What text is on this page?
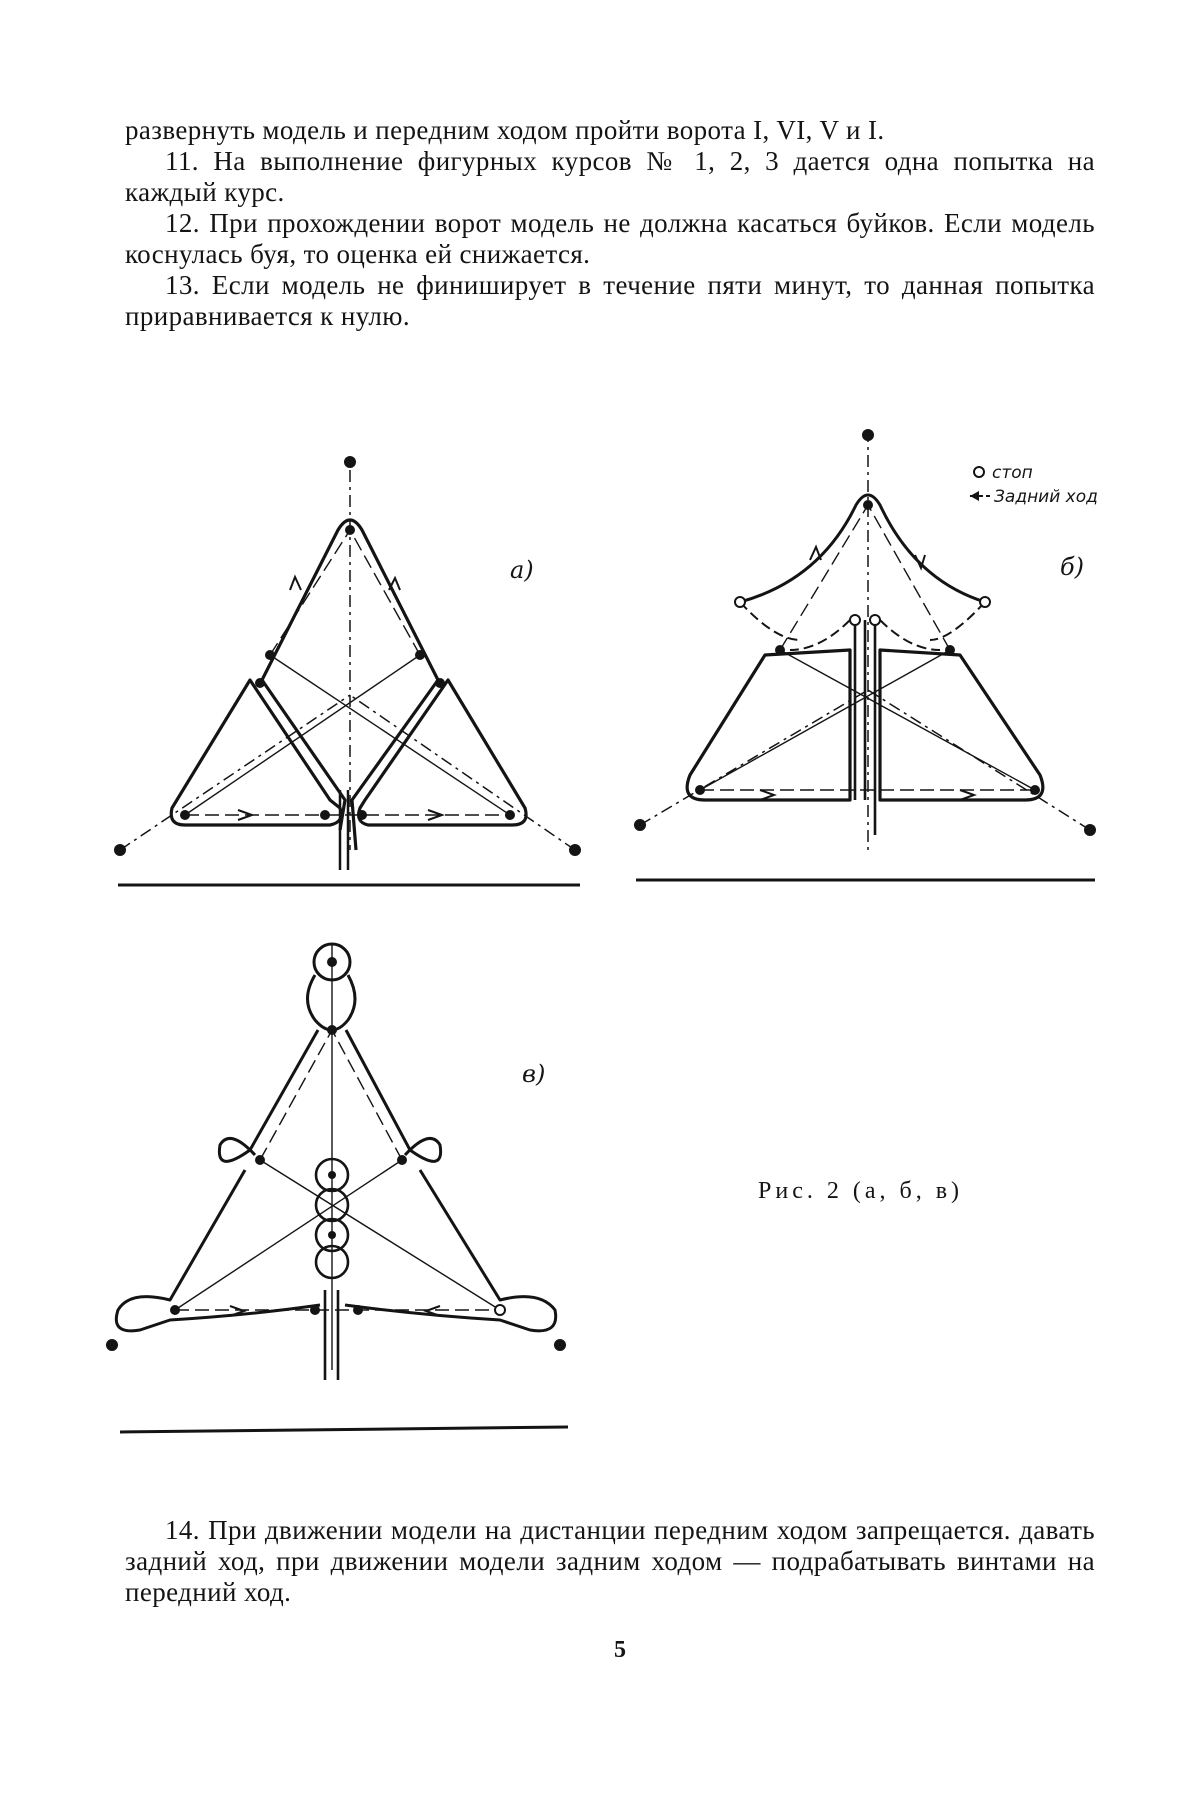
развернуть модель и передним ходом пройти ворота I, VI, V и I.

11. На выполнение фигурных курсов № 1, 2, 3 дается одна попытка на каждый курс.

12. При прохождении ворот модель не должна касаться буйков. Если модель коснулась буя, то оценка ей снижается.

13. Если модель не финиширует в течение пяти минут, то данная попытка приравнивается к нулю.

а)	б)
стоп
Задний ход
в)
Рис. 2 (а, б, в)

14. При движении модели на дистанции передним ходом запрещается. давать задний ход, при движении модели задним ходом — подрабатывать винтами на передний ход.

5
